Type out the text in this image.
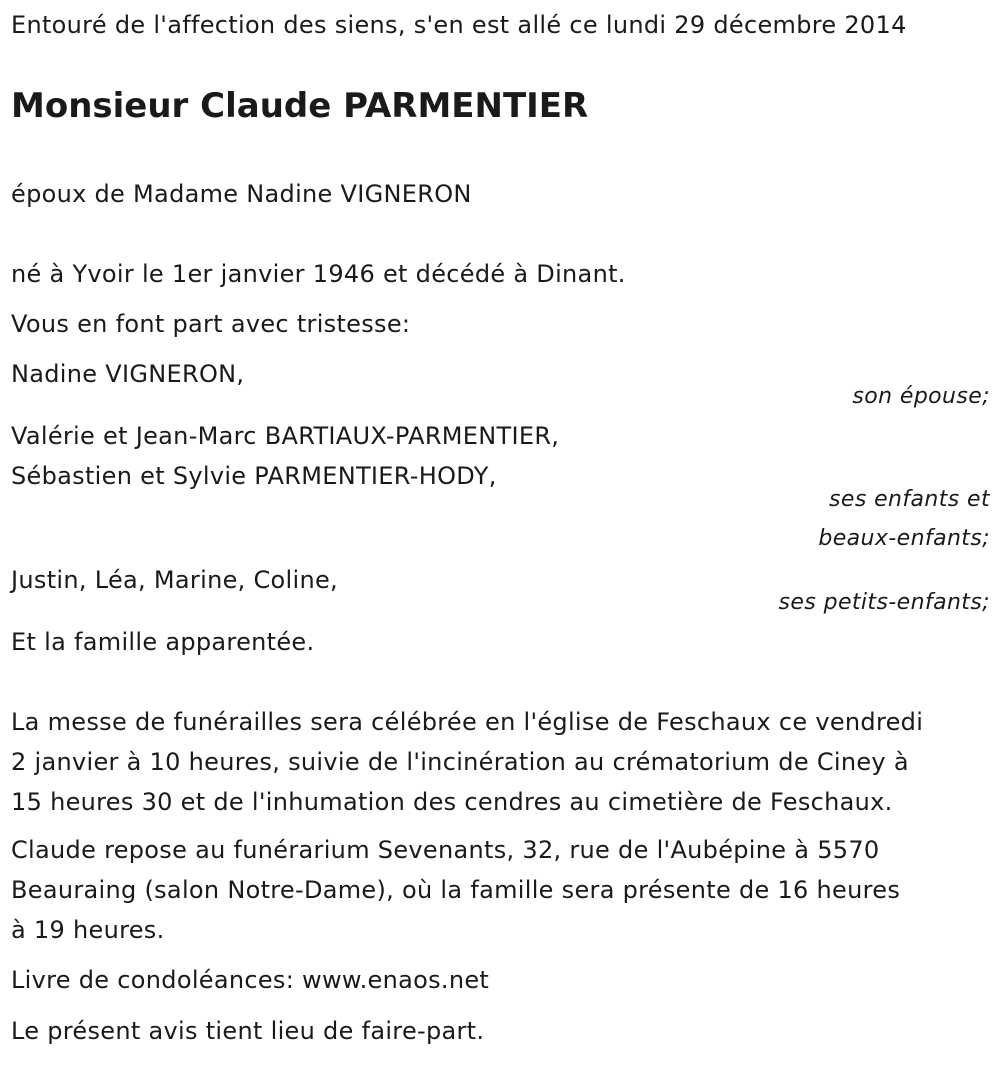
Entouré de l'affection des siens, s'en est allé ce lundi 29 décembre 2014
Monsieur Claude PARMENTIER
époux de Madame Nadine VIGNERON
né à Yvoir le 1er janvier 1946 et décédé à Dinant.
Vous en font part avec tristesse:
Nadine VIGNERON,
son épouse;
Valérie et Jean-Marc BARTIAUX-PARMENTIER,
Sébastien et Sylvie PARMENTIER-HODY,
ses enfants et
beaux-enfants;
Justin, Léa, Marine, Coline,
ses petits-enfants;
Et la famille apparentée.
La messe de funérailles sera célébrée en l'église de Feschaux ce vendredi
2 janvier à 10 heures, suivie de l'incinération au crématorium de Ciney à
15 heures 30 et de l'inhumation des cendres au cimetière de Feschaux.
Claude repose au funérarium Sevenants, 32, rue de l'Aubépine à 5570
Beauraing (salon Notre-Dame), où la famille sera présente de 16 heures
à 19 heures.
Livre de condoléances: www.enaos.net
Le présent avis tient lieu de faire-part.
